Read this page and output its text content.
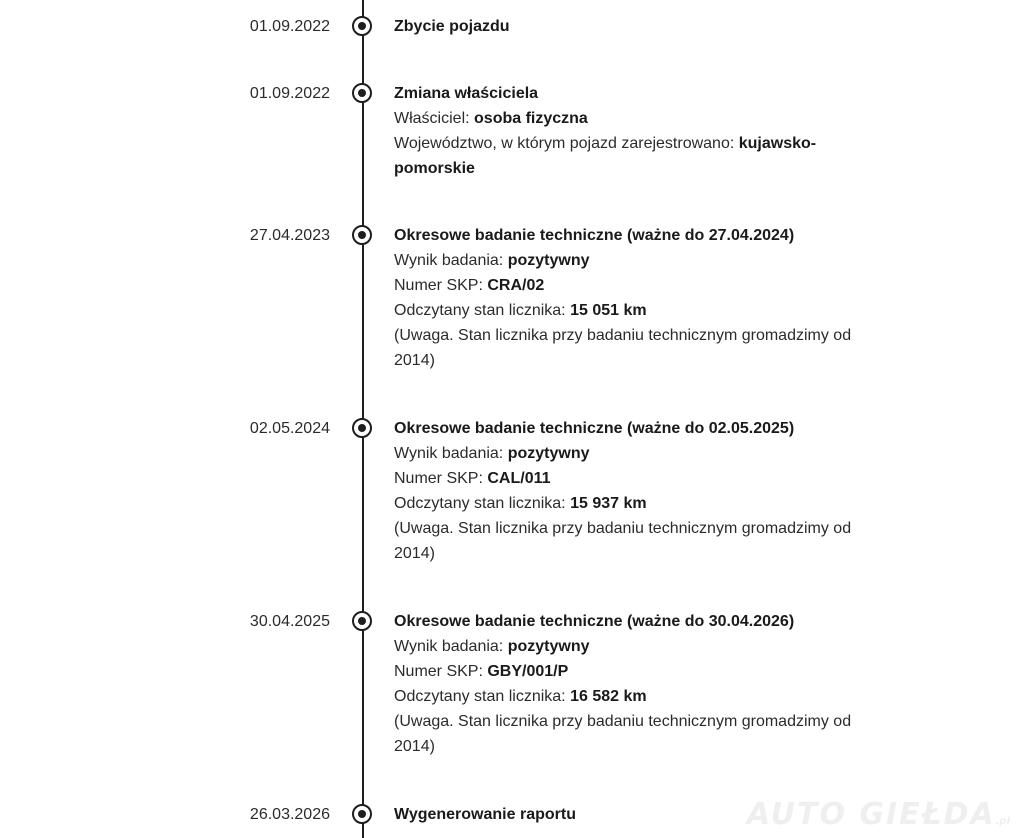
01.09.2022	Zbycie pojazdu
01.09.2022	Zmiana właściciela
Właściciel: osoba fizyczna
Województwo, w którym pojazd zarejestrowano: kujawsko-pomorskie
27.04.2023	Okresowe badanie techniczne (ważne do 27.04.2024)
Wynik badania: pozytywny
Numer SKP: CRA/02
Odczytany stan licznika: 15 051 km
(Uwaga. Stan licznika przy badaniu technicznym gromadzimy od 2014)
02.05.2024	Okresowe badanie techniczne (ważne do 02.05.2025)
Wynik badania: pozytywny
Numer SKP: CAL/011
Odczytany stan licznika: 15 937 km
(Uwaga. Stan licznika przy badaniu technicznym gromadzimy od 2014)
30.04.2025	Okresowe badanie techniczne (ważne do 30.04.2026)
Wynik badania: pozytywny
Numer SKP: GBY/001/P
Odczytany stan licznika: 16 582 km
(Uwaga. Stan licznika przy badaniu technicznym gromadzimy od 2014)
26.03.2026	Wygenerowanie raportu	AUTO GIEŁDA.pl
